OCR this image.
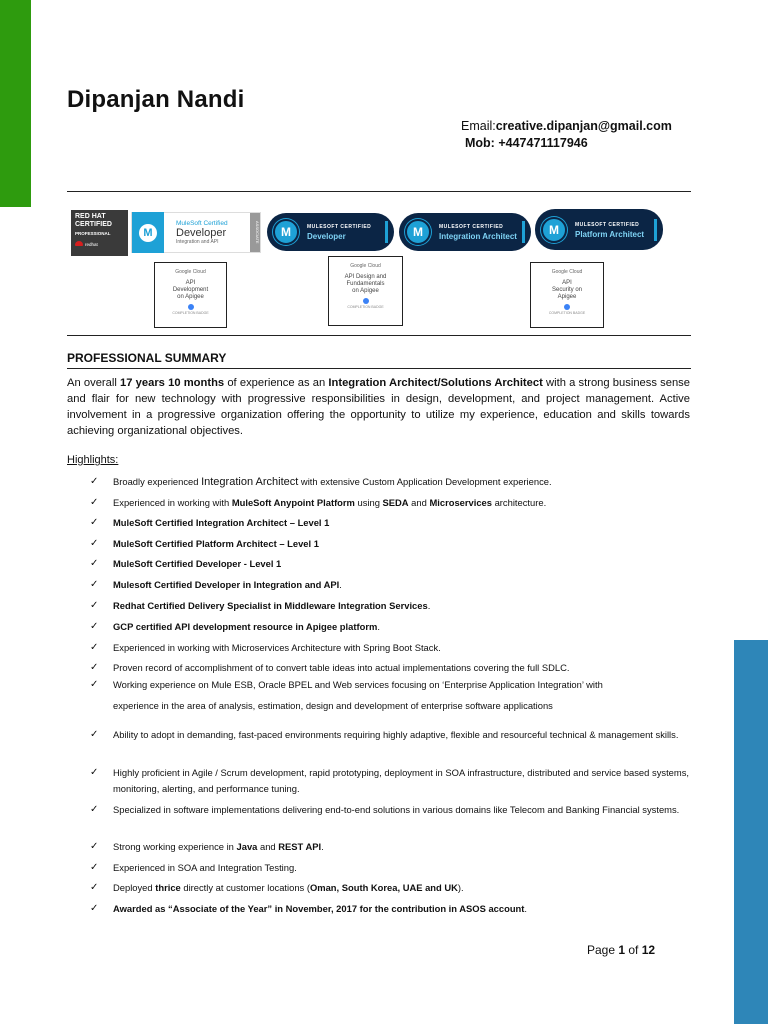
Dipanjan Nandi
Email:creative.dipanjan@gmail.com
Mob: +447471117946
RED HAT
CERTIFIED
PROFESSIONAL
redhat
M
MuleSoft Certified
Developer
Integration and API	ASSOCIATE	M	MULESOFT CERTIFIED
Developer	M	MULESOFT CERTIFIED
Integration Architect	M	MULESOFT CERTIFIED
Platform Architect
Google Cloud
API Development on Apigee
COMPLETION BADGE
Google Cloud
API Design and Fundamentals on Apigee
COMPLETION BADGE
Google Cloud
API Security on Apigee
COMPLETION BADGE
PROFESSIONAL SUMMARY
An overall 17 years 10 months of experience as an Integration Architect/Solutions Architect with a strong business sense and flair for new technology with progressive responsibilities in design, development, and project management. Active involvement in a progressive organization offering the opportunity to utilize my experience, education and skills towards achieving organizational objectives.
Highlights:
✓ Broadly experienced Integration Architect with extensive Custom Application Development experience.
✓ Experienced in working with MuleSoft Anypoint Platform using SEDA and Microservices architecture.
✓ MuleSoft Certified Integration Architect – Level 1
✓ MuleSoft Certified Platform Architect – Level 1
✓ MuleSoft Certified Developer - Level 1
✓ Mulesoft Certified Developer in Integration and API.
✓ Redhat Certified Delivery Specialist in Middleware Integration Services.
✓ GCP certified API development resource in Apigee platform.
✓ Experienced in working with Microservices Architecture with Spring Boot Stack.
✓ Proven record of accomplishment of to convert table ideas into actual implementations covering the full SDLC.
✓ Working experience on Mule ESB, Oracle BPEL and Web services focusing on ‘Enterprise Application Integration’ with
experience in the area of analysis, estimation, design and development of enterprise software applications
✓ Ability to adopt in demanding, fast-paced environments requiring highly adaptive, flexible and resourceful technical & management skills.
✓ Highly proficient in Agile / Scrum development, rapid prototyping, deployment in SOA infrastructure, distributed and service based systems, monitoring, alerting, and performance tuning.
✓ Specialized in software implementations delivering end-to-end solutions in various domains like Telecom and Banking Financial systems.
✓ Strong working experience in Java and REST API.
✓ Experienced in SOA and Integration Testing.
✓ Deployed thrice directly at customer locations (Oman, South Korea, UAE and UK).
✓ Awarded as “Associate of the Year” in November, 2017 for the contribution in ASOS account.
Page 1 of 12
